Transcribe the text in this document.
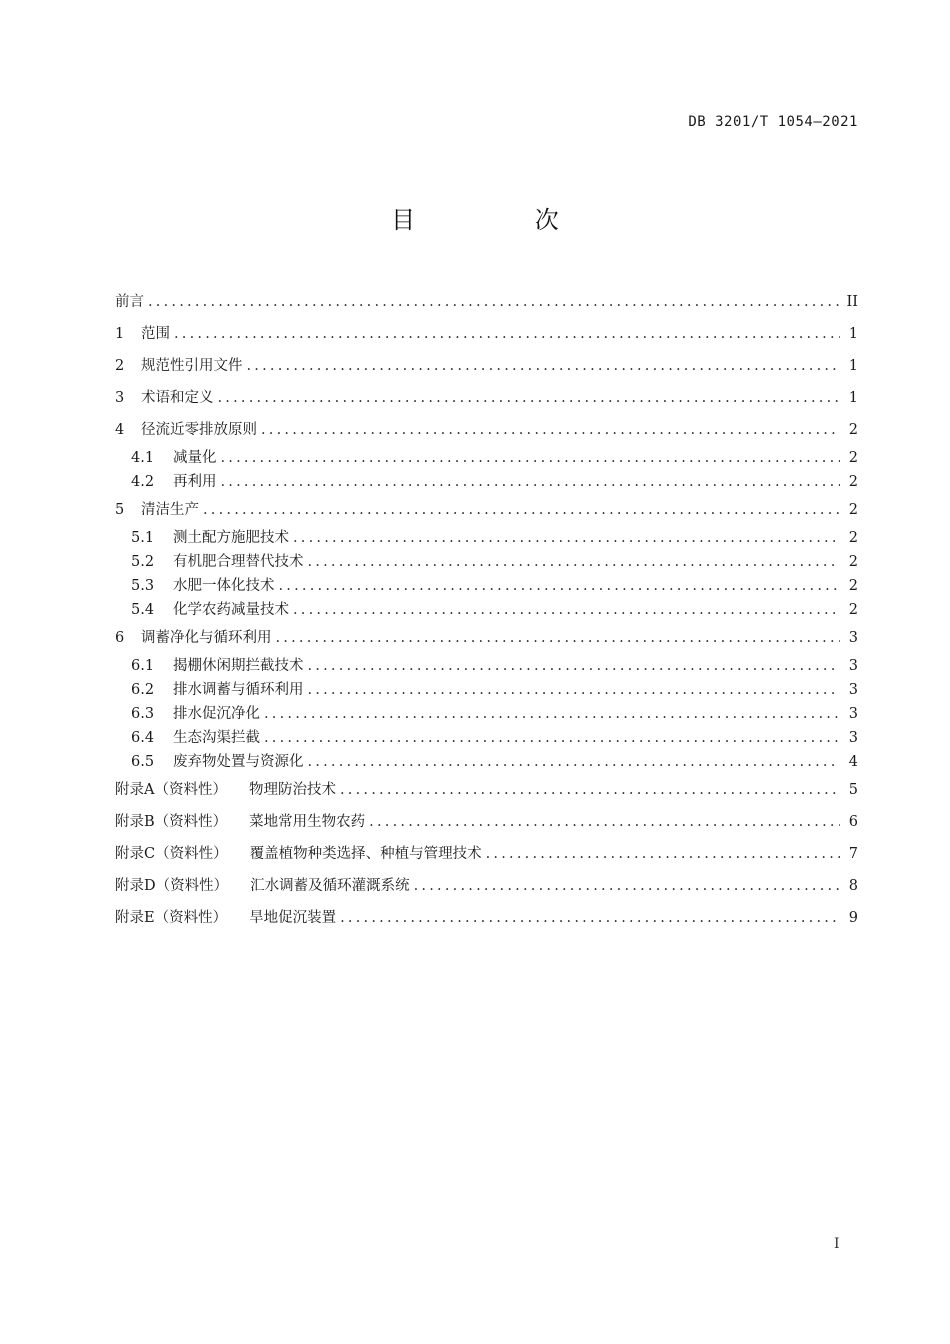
DB 3201/T 1054—2021
目 次
前言 .....	II
1	范围 .....	1
2	规范性引用文件 .....	1
3	术语和定义 .....	1
4	径流近零排放原则 .....	2
4.1	减量化 .....	2
4.2	再利用 .....	2
5	清洁生产 .....	2
5.1	测土配方施肥技术 .....	2
5.2	有机肥合理替代技术 .....	2
5.3	水肥一体化技术 .....	2
5.4	化学农药减量技术 .....	2
6	调蓄净化与循环利用 .....	3
6.1	揭棚休闲期拦截技术 .....	3
6.2	排水调蓄与循环利用 .....	3
6.3	排水促沉净化 .....	3
6.4	生态沟渠拦截 .....	3
6.5	废弃物处置与资源化 .....	4
附录A（资料性） 物理防治技术 .....	5
附录B（资料性） 菜地常用生物农药 .....	6
附录C（资料性） 覆盖植物种类选择、种植与管理技术 .....	7
附录D（资料性） 汇水调蓄及循环灌溉系统 .....	8
附录E（资料性） 旱地促沉装置 .....	9
I
